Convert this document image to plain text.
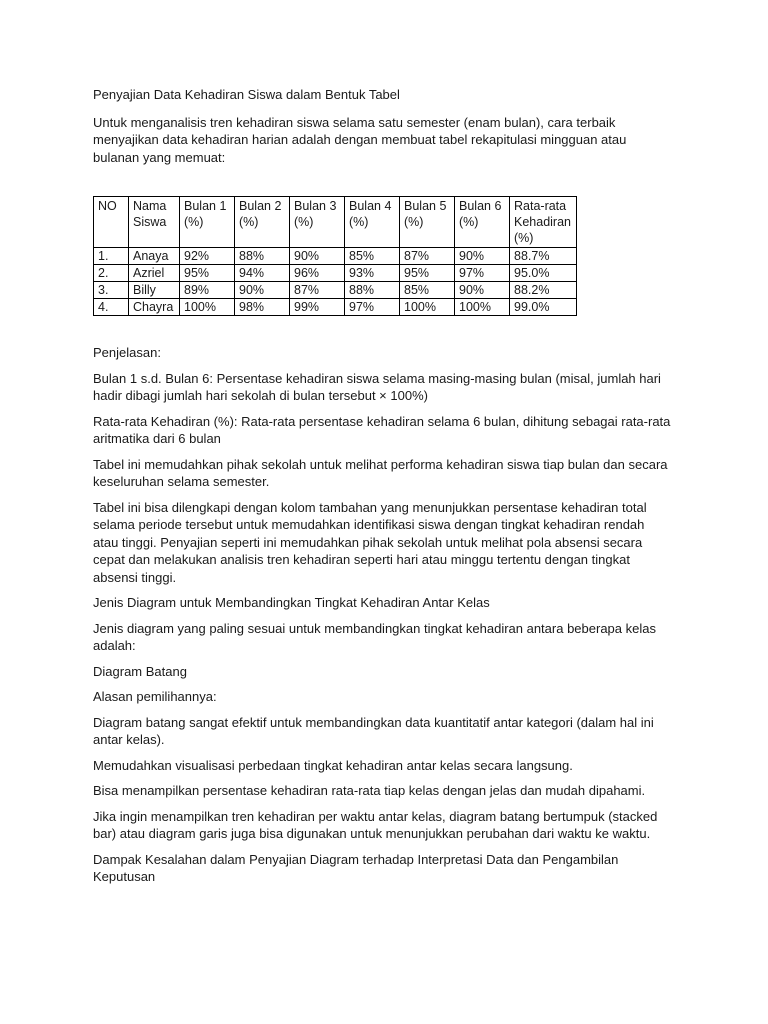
Penyajian Data Kehadiran Siswa dalam Bentuk Tabel

Untuk menganalisis tren kehadiran siswa selama satu semester (enam bulan), cara terbaik menyajikan data kehadiran harian adalah dengan membuat tabel rekapitulasi mingguan atau bulanan yang memuat:

NO	Nama Siswa	Bulan 1 (%)	Bulan 2 (%)	Bulan 3 (%)	Bulan 4 (%)	Bulan 5 (%)	Bulan 6 (%)	Rata-rata Kehadiran (%)
1.	Anaya	92%	88%	90%	85%	87%	90%	88.7%
2.	Azriel	95%	94%	96%	93%	95%	97%	95.0%
3.	Billy	89%	90%	87%	88%	85%	90%	88.2%
4.	Chayra	100%	98%	99%	97%	100%	100%	99.0%

Penjelasan:

Bulan 1 s.d. Bulan 6: Persentase kehadiran siswa selama masing-masing bulan (misal, jumlah hari hadir dibagi jumlah hari sekolah di bulan tersebut × 100%)

Rata-rata Kehadiran (%): Rata-rata persentase kehadiran selama 6 bulan, dihitung sebagai rata-rata aritmatika dari 6 bulan

Tabel ini memudahkan pihak sekolah untuk melihat performa kehadiran siswa tiap bulan dan secara keseluruhan selama semester.

Tabel ini bisa dilengkapi dengan kolom tambahan yang menunjukkan persentase kehadiran total selama periode tersebut untuk memudahkan identifikasi siswa dengan tingkat kehadiran rendah atau tinggi. Penyajian seperti ini memudahkan pihak sekolah untuk melihat pola absensi secara cepat dan melakukan analisis tren kehadiran seperti hari atau minggu tertentu dengan tingkat absensi tinggi.

Jenis Diagram untuk Membandingkan Tingkat Kehadiran Antar Kelas

Jenis diagram yang paling sesuai untuk membandingkan tingkat kehadiran antara beberapa kelas adalah:

Diagram Batang

Alasan pemilihannya:

Diagram batang sangat efektif untuk membandingkan data kuantitatif antar kategori (dalam hal ini antar kelas).

Memudahkan visualisasi perbedaan tingkat kehadiran antar kelas secara langsung.

Bisa menampilkan persentase kehadiran rata-rata tiap kelas dengan jelas dan mudah dipahami.

Jika ingin menampilkan tren kehadiran per waktu antar kelas, diagram batang bertumpuk (stacked bar) atau diagram garis juga bisa digunakan untuk menunjukkan perubahan dari waktu ke waktu.

Dampak Kesalahan dalam Penyajian Diagram terhadap Interpretasi Data dan Pengambilan Keputusan
